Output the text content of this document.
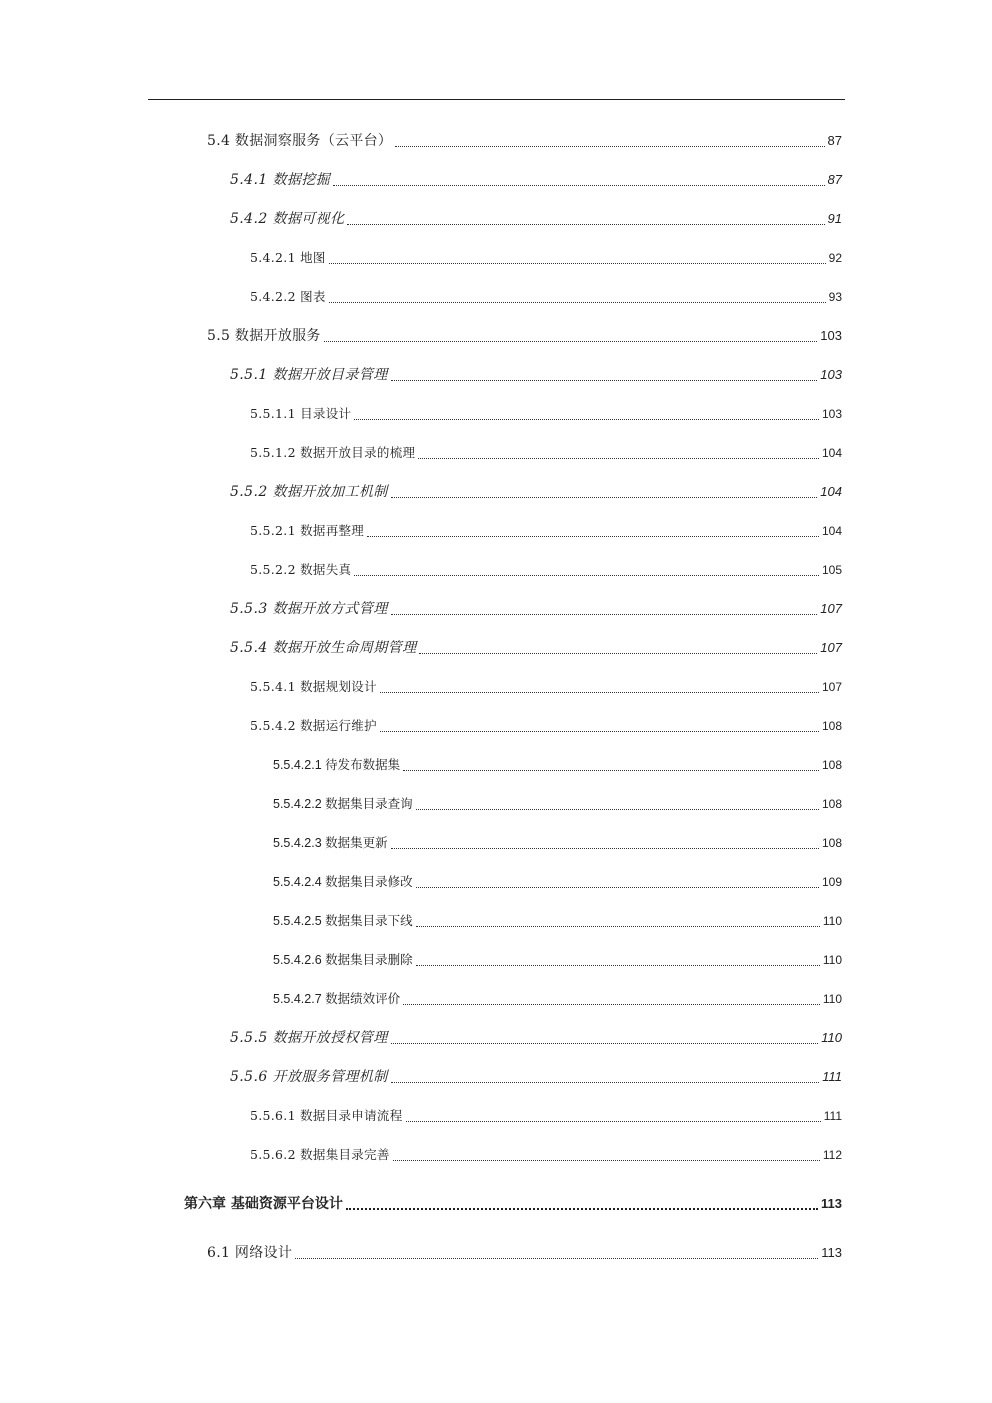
5.4 数据洞察服务（云平台）	87
5.4.1 数据挖掘	87
5.4.2 数据可视化	91
5.4.2.1 地图	92
5.4.2.2 图表	93
5.5 数据开放服务	103
5.5.1 数据开放目录管理	103
5.5.1.1 目录设计	103
5.5.1.2 数据开放目录的梳理	104
5.5.2 数据开放加工机制	104
5.5.2.1 数据再整理	104
5.5.2.2 数据失真	105
5.5.3 数据开放方式管理	107
5.5.4 数据开放生命周期管理	107
5.5.4.1 数据规划设计	107
5.5.4.2 数据运行维护	108
5.5.4.2.1 待发布数据集	108
5.5.4.2.2 数据集目录查询	108
5.5.4.2.3 数据集更新	108
5.5.4.2.4 数据集目录修改	109
5.5.4.2.5 数据集目录下线	110
5.5.4.2.6 数据集目录删除	110
5.5.4.2.7 数据绩效评价	110
5.5.5 数据开放授权管理	110
5.5.6 开放服务管理机制	111
5.5.6.1 数据目录申请流程	111
5.5.6.2 数据集目录完善	112
第六章 基础资源平台设计	113
6.1 网络设计	113
